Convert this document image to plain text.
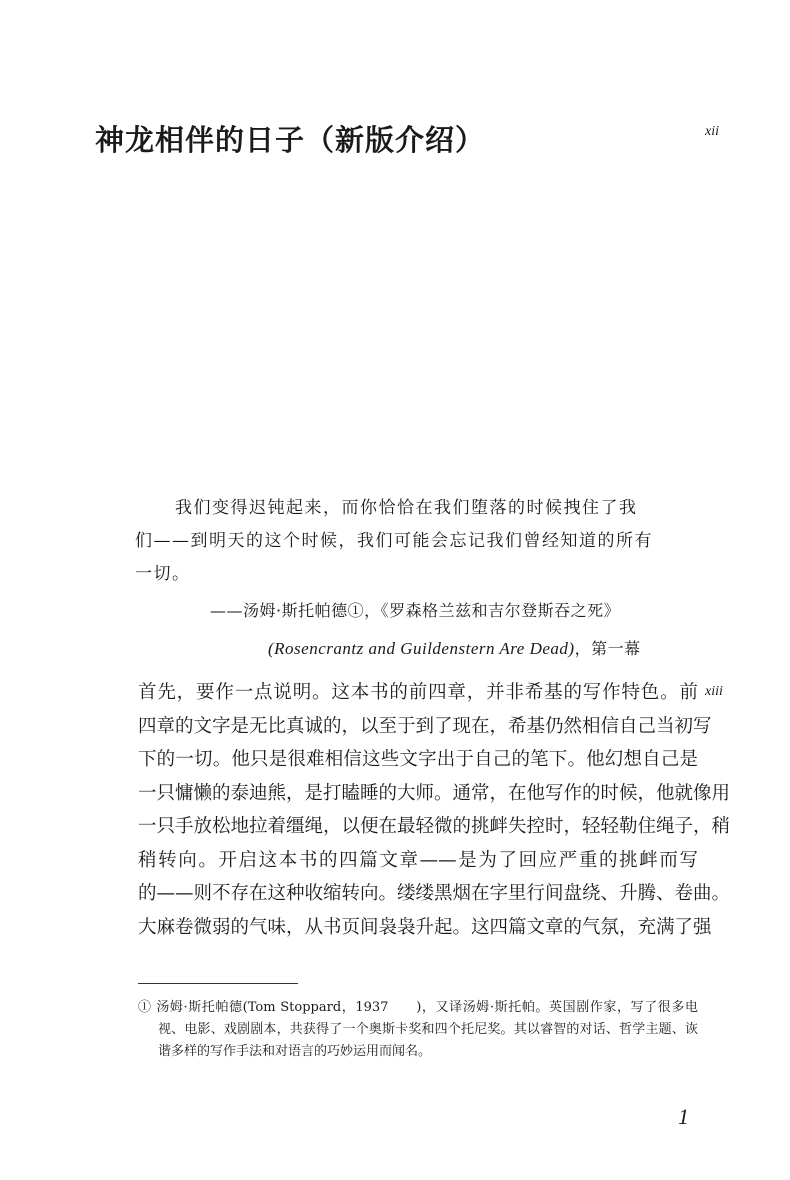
神龙相伴的日子（新版介绍）	xii
我们变得迟钝起来，而你恰恰在我们堕落的时候拽住了我
们——到明天的这个时候，我们可能会忘记我们曾经知道的所有
一切。
——汤姆·斯托帕德①，《罗森格兰兹和吉尔登斯吞之死》
(Rosencrantz and Guildenstern Are Dead)，第一幕
xiii
首先，要作一点说明。这本书的前四章，并非希基的写作特色。前
四章的文字是无比真诚的，以至于到了现在，希基仍然相信自己当初写
下的一切。他只是很难相信这些文字出于自己的笔下。他幻想自己是
一只慵懒的泰迪熊，是打瞌睡的大师。通常，在他写作的时候，他就像用
一只手放松地拉着缰绳，以便在最轻微的挑衅失控时，轻轻勒住绳子，稍
稍转向。开启这本书的四篇文章——是为了回应严重的挑衅而写
的——则不存在这种收缩转向。缕缕黑烟在字里行间盘绕、升腾、卷曲。
大麻卷微弱的气味，从书页间袅袅升起。这四篇文章的气氛，充满了强
① 汤姆·斯托帕德(Tom Stoppard，1937　　)，又译汤姆·斯托帕。英国剧作家，写了很多电
视、电影、戏剧剧本，共获得了一个奥斯卡奖和四个托尼奖。其以睿智的对话、哲学主题、诙
谐多样的写作手法和对语言的巧妙运用而闻名。
1
